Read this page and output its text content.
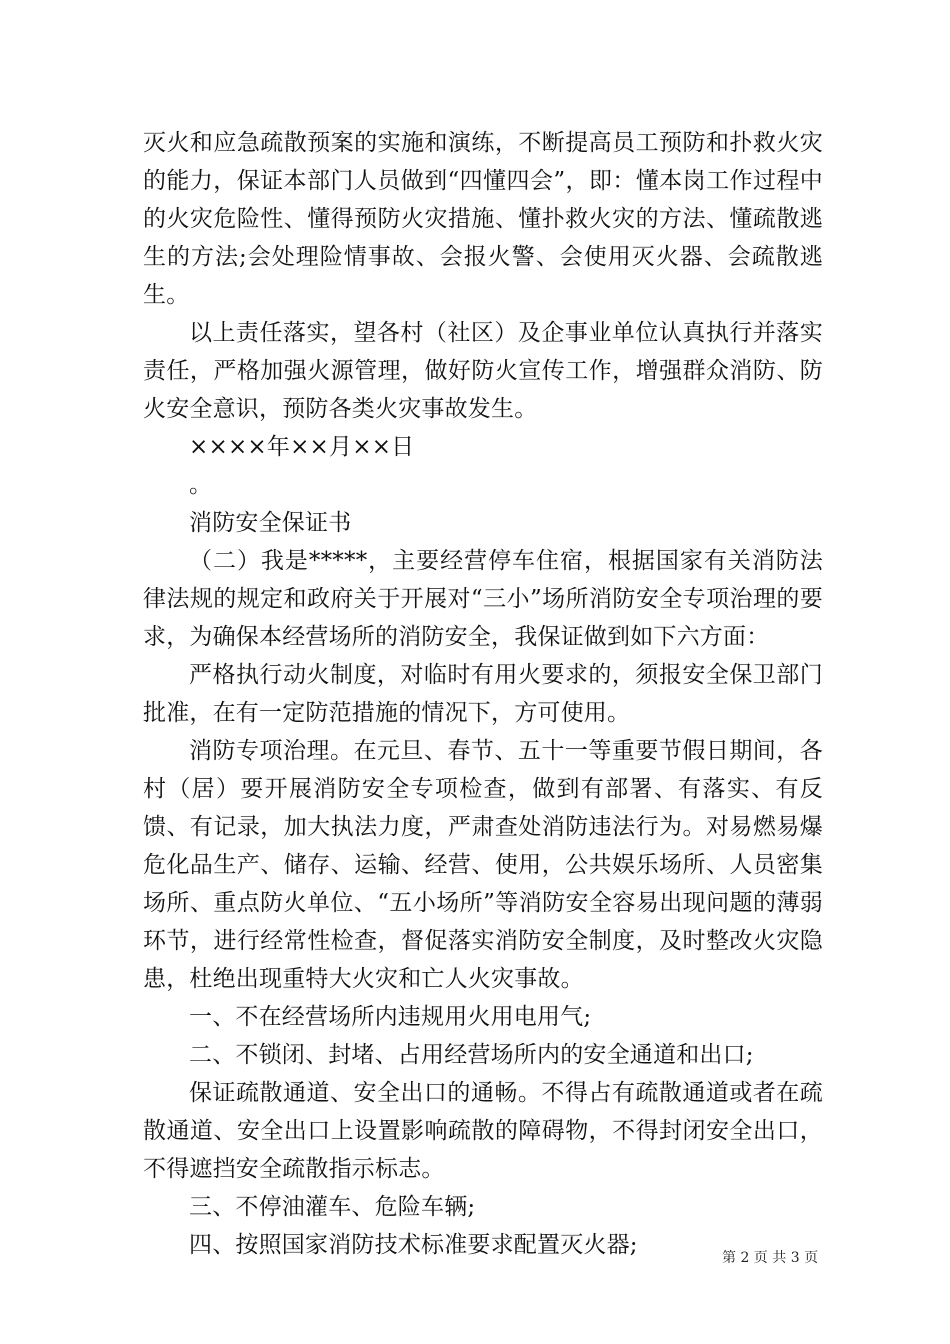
灭火和应急疏散预案的实施和演练，不断提高员工预防和扑救火灾的能力，保证本部门人员做到“四懂四会”，即：懂本岗工作过程中的火灾危险性、懂得预防火灾措施、懂扑救火灾的方法、懂疏散逃生的方法;会处理险情事故、会报火警、会使用灭火器、会疏散逃生。

以上责任落实，望各村（社区）及企事业单位认真执行并落实责任，严格加强火源管理，做好防火宣传工作，增强群众消防、防火安全意识，预防各类火灾事故发生。

××××年××月××日

。

消防安全保证书

（二）我是*****，主要经营停车住宿，根据国家有关消防法律法规的规定和政府关于开展对“三小”场所消防安全专项治理的要求，为确保本经营场所的消防安全，我保证做到如下六方面：

严格执行动火制度，对临时有用火要求的，须报安全保卫部门批准，在有一定防范措施的情况下，方可使用。

消防专项治理。在元旦、春节、五十一等重要节假日期间，各村（居）要开展消防安全专项检查，做到有部署、有落实、有反馈、有记录，加大执法力度，严肃查处消防违法行为。对易燃易爆危化品生产、储存、运输、经营、使用，公共娱乐场所、人员密集场所、重点防火单位、“五小场所”等消防安全容易出现问题的薄弱环节，进行经常性检查，督促落实消防安全制度，及时整改火灾隐患，杜绝出现重特大火灾和亡人火灾事故。

一、不在经营场所内违规用火用电用气;

二、不锁闭、封堵、占用经营场所内的安全通道和出口;

保证疏散通道、安全出口的通畅。不得占有疏散通道或者在疏散通道、安全出口上设置影响疏散的障碍物，不得封闭安全出口，不得遮挡安全疏散指示标志。

三、不停油灌车、危险车辆;

四、按照国家消防技术标准要求配置灭火器;	第 2 页 共 3 页
